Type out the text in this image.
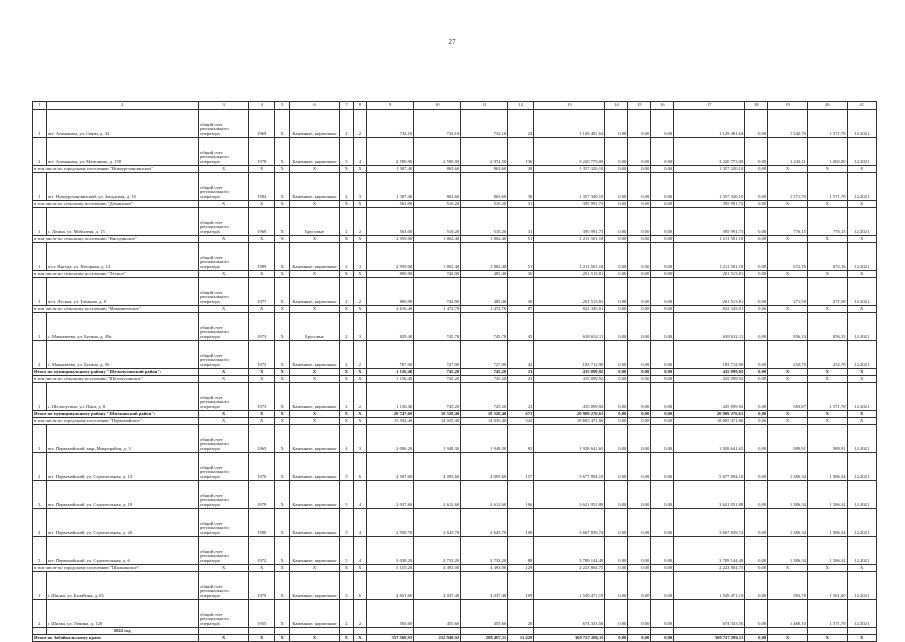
27
1	2	3	4	5	6	7	8	9	10	11	12	13	14	15	16	17	18	19	20	21
1	пгт. Атаманиха, ул. Связи, д. 42	общий счет регионального оператора	1969	X	Каменные, кирпичные	2	2	732,10	732,10	732,10	24	1 129 481,64	0,00	0,00	0,00	1 129 481,64	0,00	1 542,70	1 571,70	12.2021
2	пгт. Атаманиха, ул. Матюнино, д. 158	общий счет регионального оператора	1978	X	Каменные, кирпичные	5	4	2 590,90	2 590,90	2 074,50	136	3 220 773,00	0,00	0,00	0,00	3 220 773,00	0,00	1 243,11	1 065,00	12.2021
в том числе по городскому поселению "Новоургчинчинское"		X	X	X	X	X	X	1 387,40	863,60	863,60	38	1 357 320,10	0,00	0,00	0,00	1 357 320,10	0,00	X	X	X
1	пгт. Новоургчинчинский, ул. Западская, д. 10	общий счет регионального оператора	1984	X	Каменные, кирпичные	2	3	1 387,40	863,60	863,60	38	1 357 320,10	0,00	0,00	0,00	1 357 320,10	0,00	1 571,70	1 571,70	12.2021
в том числе по сельскому поселению "Доминское"		X	X	X	X	X	X	563,00	510,20	510,20	31	395 991,73	0,00	0,00	0,00	395 991,73	0,00	X	X	X
1	с. Домна, ул. Мобилеяя, д. 15	общий счет регионального оператора	1969	X	Брусовые	2	2	563,00	510,20	510,20	31	395 991,73	0,00	0,00	0,00	395 991,73	0,00	776,15	776,15	12.2021
в том числе по сельскому поселению "Ингодинское"		X	X	X	X	X	X	2 959,00	1 802,40	1 802,40	51	1 211 501,18	0,00	0,00	0,00	1 211 501,18	0,00	X	X	X
1	п/ст. Ингода, ул. Нагорная, д. 14	общий счет регионального оператора	1989	X	Каменные, кирпичные	2	3	2 959,00	1 802,40	1 802,40	51	1 211 501,18	0,00	0,00	0,00	1 211 501,18	0,00	672,16	672,16	12.2021
в том числе по сельскому поселению "Лесное"		X	X	X	X	X	X	800,90	742,00	485,40	36	201 513,81	0,00	0,00	0,00	201 513,81	0,00	X	X	X
1	п/ст. Лесная, ул. Таежная, д. 8	общий счет регионального оператора	1977	X	Каменные, кирпичные	2	2	800,90	742,00	485,40	36	201 513,81	0,00	0,00	0,00	201 513,81	0,00	271,58	271,58	12.2021
в том числе по сельскому поселению "Маккавеевское"		X	X	X	X	X	X	2 616,40	1 472,78	1 472,78	87	822 345,01	0,00	0,00	0,00	822 345,01	0,00	X	X	X
1	с. Маккавеево, ул. Бутина, д. 49а	общий счет регионального оператора	1973	X	Брусовые	2	3	829,40	745,78	745,78	45	638 632,11	0,00	0,00	0,00	638 632,11	0,00	856,33	856,33	12.2021
2	с. Маккавеево, ул. Бутина, д. 56	общий счет регионального оператора	1975	X	Каменные, кирпичные	2	2	787,00	727,00	727,00	42	183 712,90	0,00	0,00	0,00	183 712,90	0,00	252,70	252,70	12.2021
Итого по муниципальному району "Шелопугинский район":		X	X	X	X	X	X	1 156,40	745,20	745,20	23	435 099,92	0,00	0,00	0,00	435 099,92	0,00	X	X	X
в том числе по сельскому поселению "Шелопугинское"		X	X	X	X	X	X	1 156,40	745,20	745,20	23	435 099,92	0,00	0,00	0,00	435 099,92	0,00	X	X	X
1	с. Шелопугино, ул. Пыш, д. 8	общий счет регионального оператора	1973	X	Каменные, кирпичные	2	2	1 156,40	745,20	745,20	23	435 099,92	0,00	0,00	0,00	435 099,92	0,00	583,87	1 571,70	12.2021
Итого по муниципальному району "Шилкинский район":		X	X	X	X	X	X	20 747,60	18 528,40	18 528,40	671	20 909 276,61	0,00	0,00	0,00	20 909 276,61	0,00	X	X	X
в том числе по городскому поселению "Первомайское":		X	X	X	X	X	X	15 592,40	14 035,40	14 035,40	542	18 685 471,86	0,00	0,00	0,00	18 685 471,86	0,00	X	X	X
1	пгт. Первомайский, мкр. Микрорайон, д. 3	общий счет регионального оператора	1965	X	Каменные, кирпичные	4	3	2 096,20	1 948,30	1 948,30	83	1 928 641,65	0,00	0,00	0,00	1 928 641,65	0,00	989,91	989,91	12.2021
2	пгт. Первомайский, ул. Строительная, д. 14	общий счет регионального оператора	1976	X	Каменные, кирпичные	5	6	4 587,60	4 095,60	4 095,60	157	5 677 894,10	0,00	0,00	0,00	5 677 894,10	0,00	1 386,34	1 386,34	12.2021
3	пгт. Первомайский, ул. Строительная, д. 18	общий счет регионального оператора	1979	X	Каменные, кирпичные	5	4	2 937,60	2 612,60	2 612,60	106	3 621 951,88	0,00	0,00	0,00	3 621 951,88	0,00	1 386,34	1 386,34	12.2021
4	пгт. Первомайский, ул. Строительная, д. 20	общий счет регионального оператора	1980	X	Каменные, кирпичные	5	4	2 950,70	2 645,70	2 645,70	108	3 667 839,74	0,00	0,00	0,00	3 667 839,74	0,00	1 386,34	1 386,34	12.2021
5	пгт. Первомайский, ул. Строительная, д. 6	общий счет регионального оператора	1972	X	Каменные, кирпичные	5	4	3 038,20	2 733,20	2 733,20	88	3 789 144,49	0,00	0,00	0,00	3 789 144,49	0,00	1 386,34	1 386,34	12.2021
в том числе по городскому поселению "Шилкинское":		X	X	X	X	X	X	5 155,20	4 493,00	4 493,00	129	2 223 804,75	0,00	0,00	0,00	2 223 804,75	0,00	X	X	X
1	г. Шилка, ул. Балябина, д. 65	общий счет регионального оператора	1979	X	Каменные, кирпичные	5	6	4 651,60	4 037,40	4 037,40	109	1 549 471,19	0,00	0,00	0,00	1 549 471,19	0,00	383,78	1 561,00	12.2021
2	г. Шилка, ул. Ленина, д. 120	общий счет регионального оператора	1955	X	Каменные, кирпичные	2	2	503,60	455,60	455,60	20	674 333,56	0,00	0,00	0,00	674 333,56	0,00	1 480,10	1 571,70	12.2021
	2022 год																			
Итого по Забайкальскому краю:		X	X	X	X	X	X	357 568,93	252 948,92	288 407,11	11 429	369 727 286,11	0,00	0,00	0,00	369 727 286,11	0,00	X	X	X
